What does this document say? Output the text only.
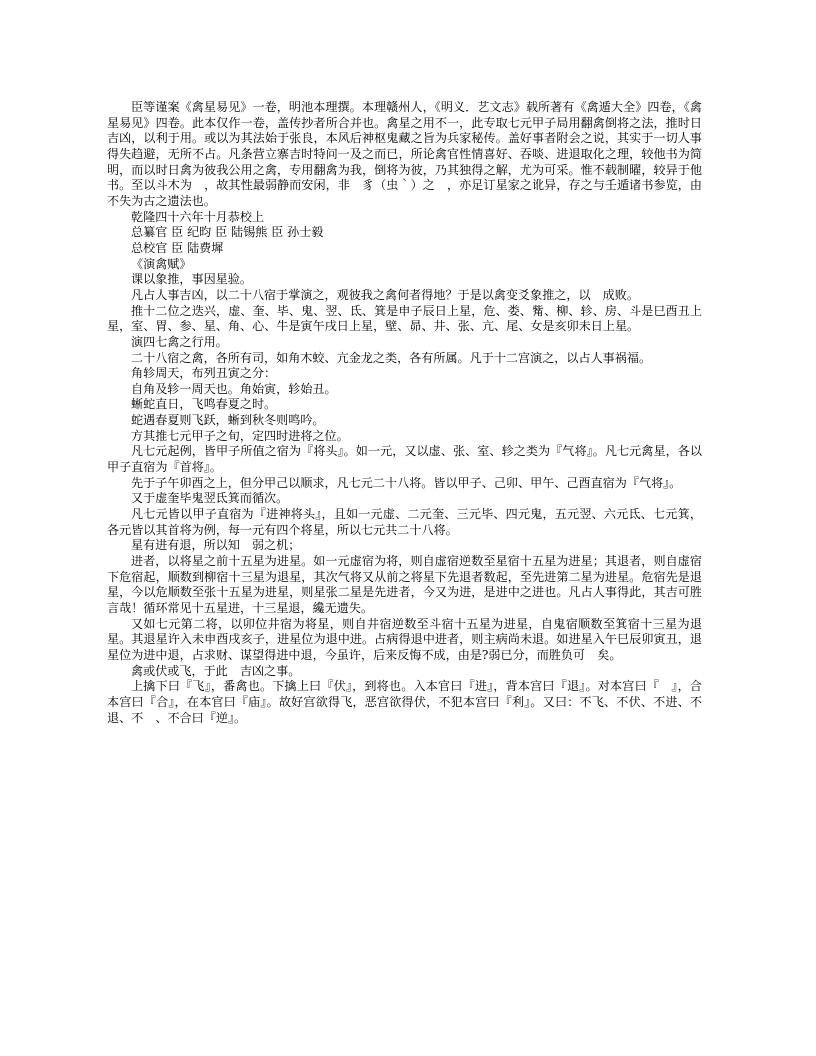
臣等谨案《禽星易见》一卷，明池本理撰。本理赣州人，《明义．艺文志》载所著有《禽遁大全》四卷，《禽星易见》四卷。此本仅作一卷，盖传抄者所合并也。禽星之用不一，此专取七元甲子局用翻禽倒将之法，推时日吉凶，以利于用。或以为其法始于张良，本风后神枢鬼藏之旨为兵家秘传。盖好事者附会之说，其实于一切人事得失趋避，无所不占。凡条营立寨吉时特问一及之而已，所论禽官性情喜好、吞啖、进退取化之理，较他书为简明，而以时日禽为彼我公用之禽，专用翻禽为我，倒将为彼，乃其独得之解，尤为可采。惟不载制曜，较异于他书。至以斗木为　，故其性最弱静而安闲，非　豸（虫｀）之　，亦足订星家之讹异，存之与壬遁诸书参览，由不失为古之遗法也。

乾隆四十六年十月恭校上

总纂官 臣 纪昀 臣 陆锡熊 臣 孙士毅

总校官 臣 陆费墀

《演禽赋》

课以象推，事因星验。

凡占人事吉凶，以二十八宿于掌演之，观彼我之禽何者得地？于是以禽变爻象推之，以　成败。

推十二位之迭兴，虚、奎、毕、鬼、翌、氐、箕是申子辰日上星，危、娄、觜、柳、轸、房、斗是巳酉丑上星，室、胃、参、星、角、心、牛是寅午戌日上星，壁、昴、井、张、亢、尾、女是亥卯未日上星。

演四七禽之行用。

二十八宿之禽，各所有司，如角木蛟、亢金龙之类，各有所属。凡于十二宫演之，以占人事祸福。

角轸周天，布列丑寅之分：

自角及轸一周天也。角始寅，轸始丑。

蜥蛇直日，飞鸣春夏之时。

蛇遇春夏则飞跃，蜥到秋冬则鸣吟。

方其推七元甲子之旬，定四时进将之位。

凡七元起例，皆甲子所值之宿为『将头』。如一元，又以虚、张、室、轸之类为『气将』。凡七元禽星，各以甲子直宿为『首将』。

先于子午卯酉之上，但分甲己以顺求，凡七元二十八将。皆以甲子、己卯、甲午、己酉直宿为『气将』。

又于虚奎毕鬼翌氐箕而循次。

凡七元皆以甲子直宿为『进神将头』，且如一元虚、二元奎、三元毕、四元鬼，五元翌、六元氐、七元箕，各元皆以其首将为例，每一元有四个将星，所以七元共二十八将。

星有进有退，所以知　弱之机；

进者，以将星之前十五星为进星。如一元虚宿为将，则自虚宿逆数至星宿十五星为进星；其退者，则自虚宿下危宿起，顺数到柳宿十三星为退星，其次气将又从前之将星下先退者数起，至先进第二星为进星。危宿先是退星，今以危顺数至张十五星为进星，则星张二星是先进者，今又为进，是进中之进也。凡占人事得此，其吉可胜言哉！循环常见十五星进，十三星退，纔无遗失。

又如七元第二将，以卯位井宿为将星，则自井宿逆数至斗宿十五星为进星，自鬼宿顺数至箕宿十三星为退星。其退星许入未申酉戌亥子，进星位为退中进。占病得退中进者，则主病尚未退。如进星入午巳辰卯寅丑，退星位为进中退，占求财、谋望得进中退，今虽许，后来反悔不成，由是?弱已分，而胜负可　矣。

禽或伏或飞，于此　吉凶之事。

上擒下曰『飞』，番禽也。下擒上曰『伏』，到将也。入本官曰『进』，背本宫曰『退』。对本宫曰『　』，合本宫曰『合』，在本官曰『庙』。故好宫欲得飞，恶宫欲得伏，不犯本宫曰『利』。又曰：不飞、不伏、不进、不退、不　、不合曰『逆』。
